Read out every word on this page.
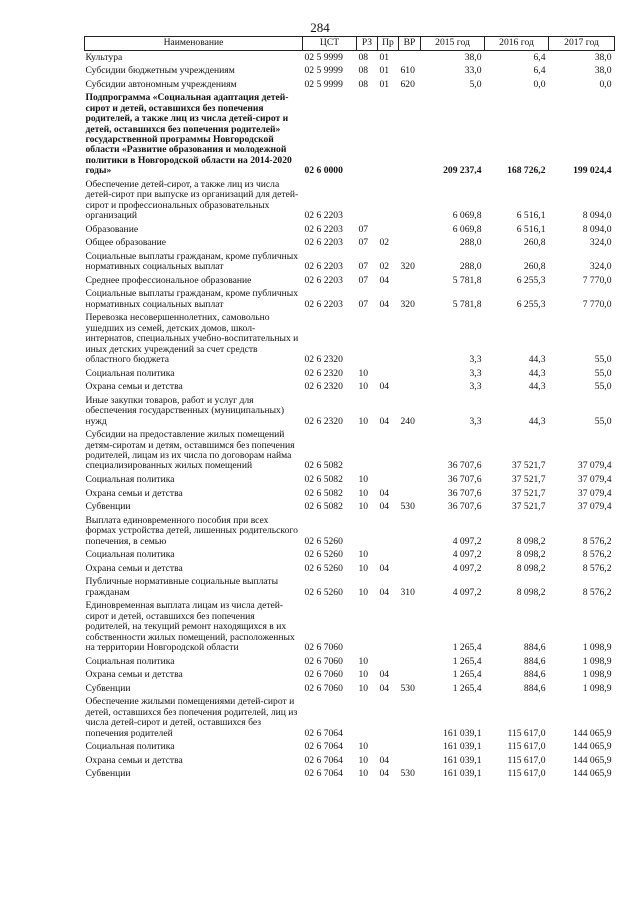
284
Наименование	ЦСТ	РЗ	Пр	ВР	2015 год	2016 год	2017 год
Культура	02 5 9999	08	01		38,0	6,4	38,0
Субсидии бюджетным учреждениям	02 5 9999	08	01	610	33,0	6,4	38,0
Субсидии автономным учреждениям	02 5 9999	08	01	620	5,0	0,0	0,0
Подпрограмма «Социальная адаптация детей-сирот и детей, оставшихся без попечения родителей, а также лиц из числа детей-сирот и детей, оставшихся без попечения родителей» государственной программы Новгородской области «Развитие образования и молодежной политики в Новгородской области на 2014-2020 годы»	02 6 0000				209 237,4	168 726,2	199 024,4
Обеспечение детей-сирот, а также лиц из числа детей-сирот при выпуске из организаций для детей-сирот и профессиональных образовательных организаций	02 6 2203				6 069,8	6 516,1	8 094,0
Образование	02 6 2203	07			6 069,8	6 516,1	8 094,0
Общее образование	02 6 2203	07	02		288,0	260,8	324,0
Социальные выплаты гражданам, кроме публичных нормативных социальных выплат	02 6 2203	07	02	320	288,0	260,8	324,0
Среднее профессиональное образование	02 6 2203	07	04		5 781,8	6 255,3	7 770,0
Социальные выплаты гражданам, кроме публичных нормативных социальных выплат	02 6 2203	07	04	320	5 781,8	6 255,3	7 770,0
Перевозка несовершеннолетних, самовольно ушедших из семей, детских домов, школ-интернатов, специальных учебно-воспитательных и иных детских учреждений за счет средств областного бюджета	02 6 2320				3,3	44,3	55,0
Социальная политика	02 6 2320	10			3,3	44,3	55,0
Охрана семьи и детства	02 6 2320	10	04		3,3	44,3	55,0
Иные закупки товаров, работ и услуг для обеспечения государственных (муниципальных) нужд	02 6 2320	10	04	240	3,3	44,3	55,0
Субсидии на предоставление жилых помещений детям-сиротам и детям, оставшимся без попечения родителей, лицам из их числа по договорам найма специализированных жилых помещений	02 6 5082				36 707,6	37 521,7	37 079,4
Социальная политика	02 6 5082	10			36 707,6	37 521,7	37 079,4
Охрана семьи и детства	02 6 5082	10	04		36 707,6	37 521,7	37 079,4
Субвенции	02 6 5082	10	04	530	36 707,6	37 521,7	37 079,4
Выплата единовременного пособия при всех формах устройства детей, лишенных родительского попечения, в семью	02 6 5260				4 097,2	8 098,2	8 576,2
Социальная политика	02 6 5260	10			4 097,2	8 098,2	8 576,2
Охрана семьи и детства	02 6 5260	10	04		4 097,2	8 098,2	8 576,2
Публичные нормативные социальные выплаты гражданам	02 6 5260	10	04	310	4 097,2	8 098,2	8 576,2
Единовременная выплата лицам из числа детей-сирот и детей, оставшихся без попечения родителей, на текущий ремонт находящихся в их собственности жилых помещений, расположенных на территории Новгородской области	02 6 7060				1 265,4	884,6	1 098,9
Социальная политика	02 6 7060	10			1 265,4	884,6	1 098,9
Охрана семьи и детства	02 6 7060	10	04		1 265,4	884,6	1 098,9
Субвенции	02 6 7060	10	04	530	1 265,4	884,6	1 098,9
Обеспечение жилыми помещениями детей-сирот и детей, оставшихся без попечения родителей, лиц из числа детей-сирот и детей, оставшихся без попечения родителей	02 6 7064				161 039,1	115 617,0	144 065,9
Социальная политика	02 6 7064	10			161 039,1	115 617,0	144 065,9
Охрана семьи и детства	02 6 7064	10	04		161 039,1	115 617,0	144 065,9
Субвенции	02 6 7064	10	04	530	161 039,1	115 617,0	144 065,9
